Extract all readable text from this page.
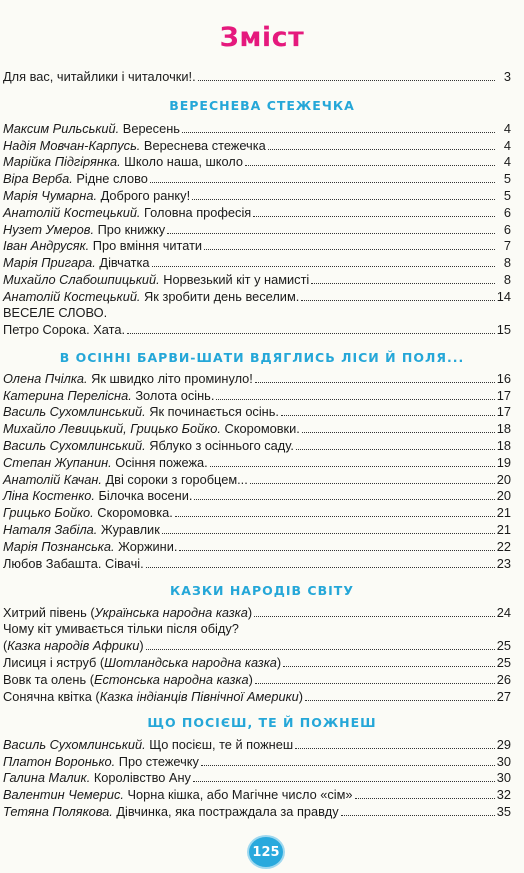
Зміст
Для вас, читайлики і читалочки!.	3
ВЕРЕСНЕВА СТЕЖЕЧКА
Максим Рильський. Вересень	4
Надія Мовчан-Карпусь. Вереснева стежечка	4
Марійка Підгірянка. Школо наша, школо	4
Віра Верба. Рідне слово	5
Марія Чумарна. Доброго ранку!	5
Анатолій Костецький. Головна професія	6
Нузет Умеров. Про книжку	6
Іван Андрусяк. Про вміння читати	7
Марія Пригара. Дівчатка	8
Михайло Слабошпицький. Норвезький кіт у намисті	8
Анатолій Костецький. Як зробити день веселим.	14
ВЕСЕЛЕ СЛОВО.
Петро Сорока. Хата.	15
В ОСІННІ БАРВИ-ШАТИ ВДЯГЛИСЬ ЛІСИ Й ПОЛЯ...
Олена Пчілка. Як швидко літо проминуло!	16
Катерина Перелісна. Золота осінь.	17
Василь Сухомлинський. Як починається осінь.	17
Михайло Левицький, Грицько Бойко. Скоромовки.	18
Василь Сухомлинський. Яблуко з осіннього саду.	18
Степан Жупанин. Осіння пожежа.	19
Анатолій Качан. Дві сороки з горобцем...	20
Ліна Костенко. Білочка восени.	20
Грицько Бойко. Скоромовка.	21
Наталя Забіла. Журавлик	21
Марія Познанська. Жоржини.	22
Любов Забашта. Сівачі.	23
КАЗКИ НАРОДІВ СВІТУ
Хитрий півень (Українська народна казка)	24
Чому кіт умивається тільки після обіду?
(Казка народів Африки)	25
Лисиця і яструб (Шотландська народна казка)	25
Вовк та олень (Естонська народна казка)	26
Сонячна квітка (Казка індіанців Північної Америки)	27
ЩО ПОСІЄШ, ТЕ Й ПОЖНЕШ
Василь Сухомлинський. Що посієш, те й пожнеш	29
Платон Воронько. Про стежечку	30
Галина Малик. Королівство Ану	30
Валентин Чемерис. Чорна кішка, або Магічне число «сім»	32
Тетяна Полякова. Дівчинка, яка постраждала за правду	35
125
